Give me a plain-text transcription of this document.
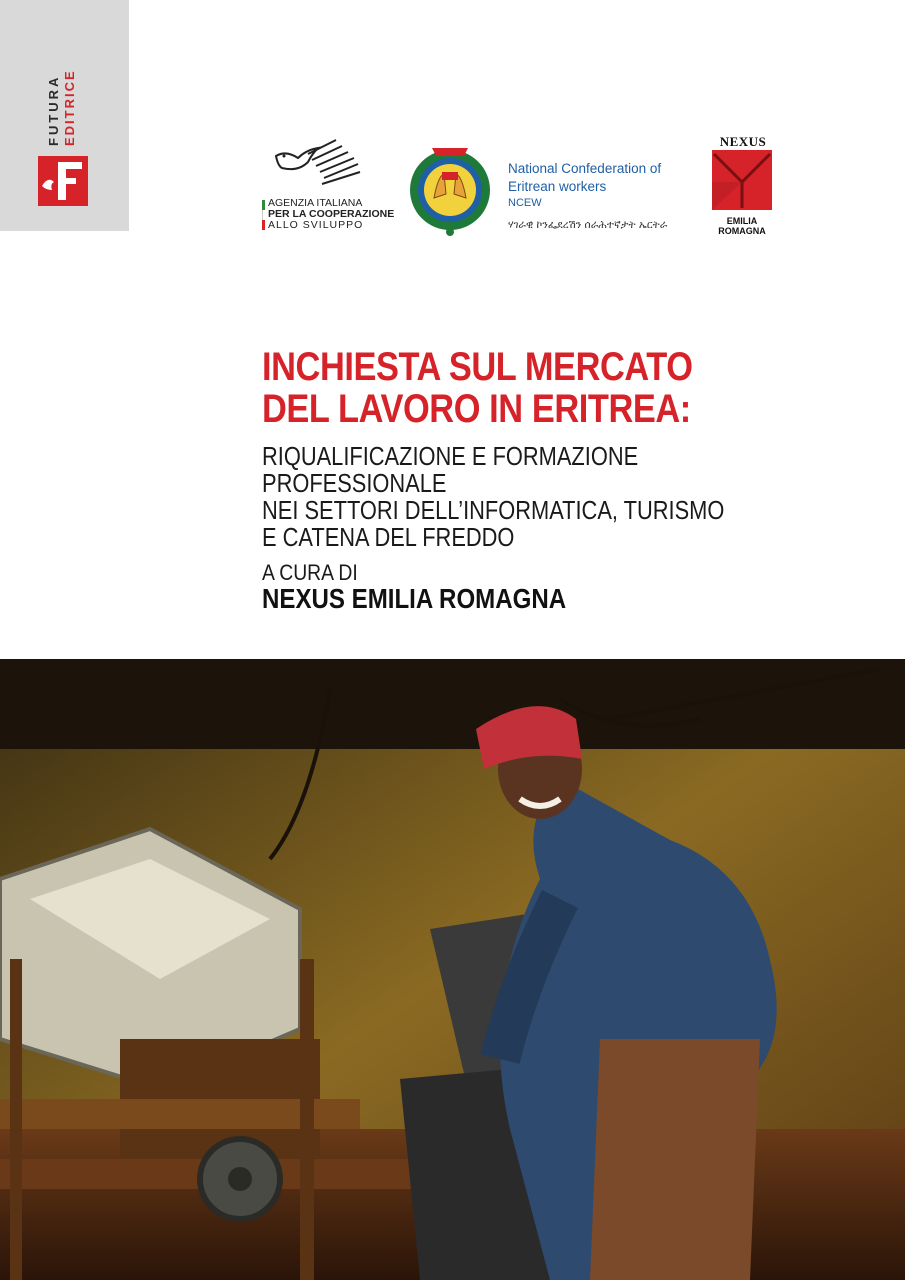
FUTURA EDITRICE
AGENZIA ITALIANA
PER LA COOPERAZIONE
ALLO SVILUPPO
National Confederation of
Eritrean workers
NCEW
ሃገራዊ ኮንፌደረሽን ሰራሕተኛታት ኤርትራ
NEXUS
EMILIA ROMAGNA
INCHIESTA SUL MERCATO
DEL LAVORO IN ERITREA:
RIQUALIFICAZIONE E FORMAZIONE PROFESSIONALE
NEI SETTORI DELL’INFORMATICA, TURISMO
E CATENA DEL FREDDO
A CURA DI
NEXUS EMILIA ROMAGNA
